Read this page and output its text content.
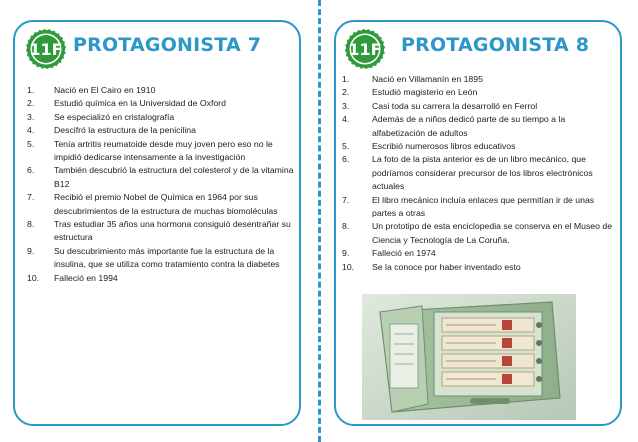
11F PROTAGONISTA 7
1.	Nació en El Cairo en 1910
2.	Estudió química en la Universidad de Oxford
3.	Se especializó en cristalografía
4.	Descifró la estructura de la penicilina
5.	Tenía artritis reumatoide desde muy joven pero eso no le impidió dedicarse intensamente a la investigación
6.	También descubrió la estructura del colesterol y de la vitamina B12
7.	Recibió el premio Nobel de Química en 1964 por sus descubrimientos de la estructura de muchas biomoléculas
8.	Tras estudiar 35 años una hormona consiguió desentrañar su estructura
9.	Su descubrimiento más importante fue la estructura de la insulina, que se utiliza como tratamiento contra la diabetes
10.	Falleció en 1994
11F PROTAGONISTA 8
1.	Nació en Villamanín en 1895
2.	Estudió magisterio en León
3.	Casi toda su carrera la desarrolló en Ferrol
4.	Además de a niños dedicó parte de su tiempo a la alfabetización de adultos
5.	Escribió numerosos libros educativos
6.	La foto de la pista anterior es de un libro mecánico, que podríamos considerar precursor de los libros electrónicos actuales
7.	El libro mecánico incluía enlaces que permitían ir de unas partes a otras
8.	Un prototipo de esta enciclopedia se conserva en el Museo de Ciencia y Tecnología de La Coruña.
9.	Falleció en 1974
10.	Se la conoce por haber inventado esto
